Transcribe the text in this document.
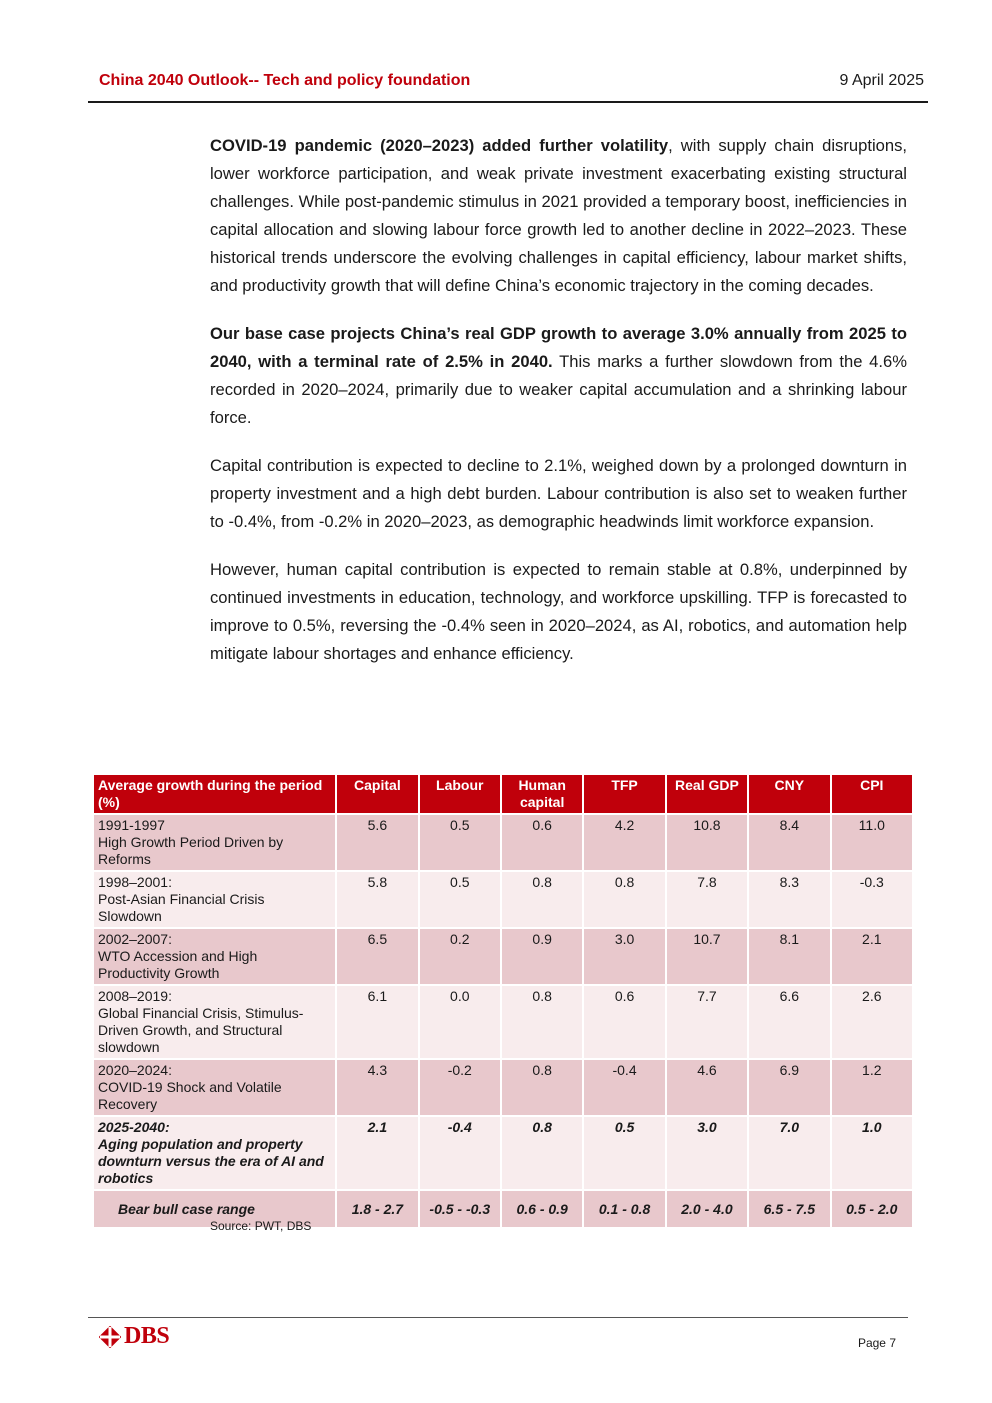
China 2040 Outlook-- Tech and policy foundation	9 April 2025

COVID-19 pandemic (2020–2023) added further volatility, with supply chain disruptions, lower workforce participation, and weak private investment exacerbating existing structural challenges. While post-pandemic stimulus in 2021 provided a temporary boost, inefficiencies in capital allocation and slowing labour force growth led to another decline in 2022–2023. These historical trends underscore the evolving challenges in capital efficiency, labour market shifts, and productivity growth that will define China’s economic trajectory in the coming decades.

Our base case projects China’s real GDP growth to average 3.0% annually from 2025 to 2040, with a terminal rate of 2.5% in 2040. This marks a further slowdown from the 4.6% recorded in 2020–2024, primarily due to weaker capital accumulation and a shrinking labour force.

Capital contribution is expected to decline to 2.1%, weighed down by a prolonged downturn in property investment and a high debt burden. Labour contribution is also set to weaken further to -0.4%, from -0.2% in 2020–2023, as demographic headwinds limit workforce expansion.

However, human capital contribution is expected to remain stable at 0.8%, underpinned by continued investments in education, technology, and workforce upskilling. TFP is forecasted to improve to 0.5%, reversing the -0.4% seen in 2020–2024, as AI, robotics, and automation help mitigate labour shortages and enhance efficiency.

Average growth during the period (%)	Capital	Labour	Human capital	TFP	Real GDP	CNY	CPI
1991-1997
High Growth Period Driven by Reforms	5.6	0.5	0.6	4.2	10.8	8.4	11.0
1998–2001:
Post-Asian Financial Crisis Slowdown	5.8	0.5	0.8	0.8	7.8	8.3	-0.3
2002–2007:
WTO Accession and High Productivity Growth	6.5	0.2	0.9	3.0	10.7	8.1	2.1
2008–2019:
Global Financial Crisis, Stimulus-Driven Growth, and Structural slowdown	6.1	0.0	0.8	0.6	7.7	6.6	2.6
2020–2024:
COVID-19 Shock and Volatile Recovery	4.3	-0.2	0.8	-0.4	4.6	6.9	1.2
2025-2040:
Aging population and property downturn versus the era of AI and robotics	2.1	-0.4	0.8	0.5	3.0	7.0	1.0
Bear bull case range	1.8 - 2.7	-0.5 - -0.3	0.6 - 0.9	0.1 - 0.8	2.0 - 4.0	6.5 - 7.5	0.5 - 2.0
Source: PWT, DBS
DBS	Page 7
